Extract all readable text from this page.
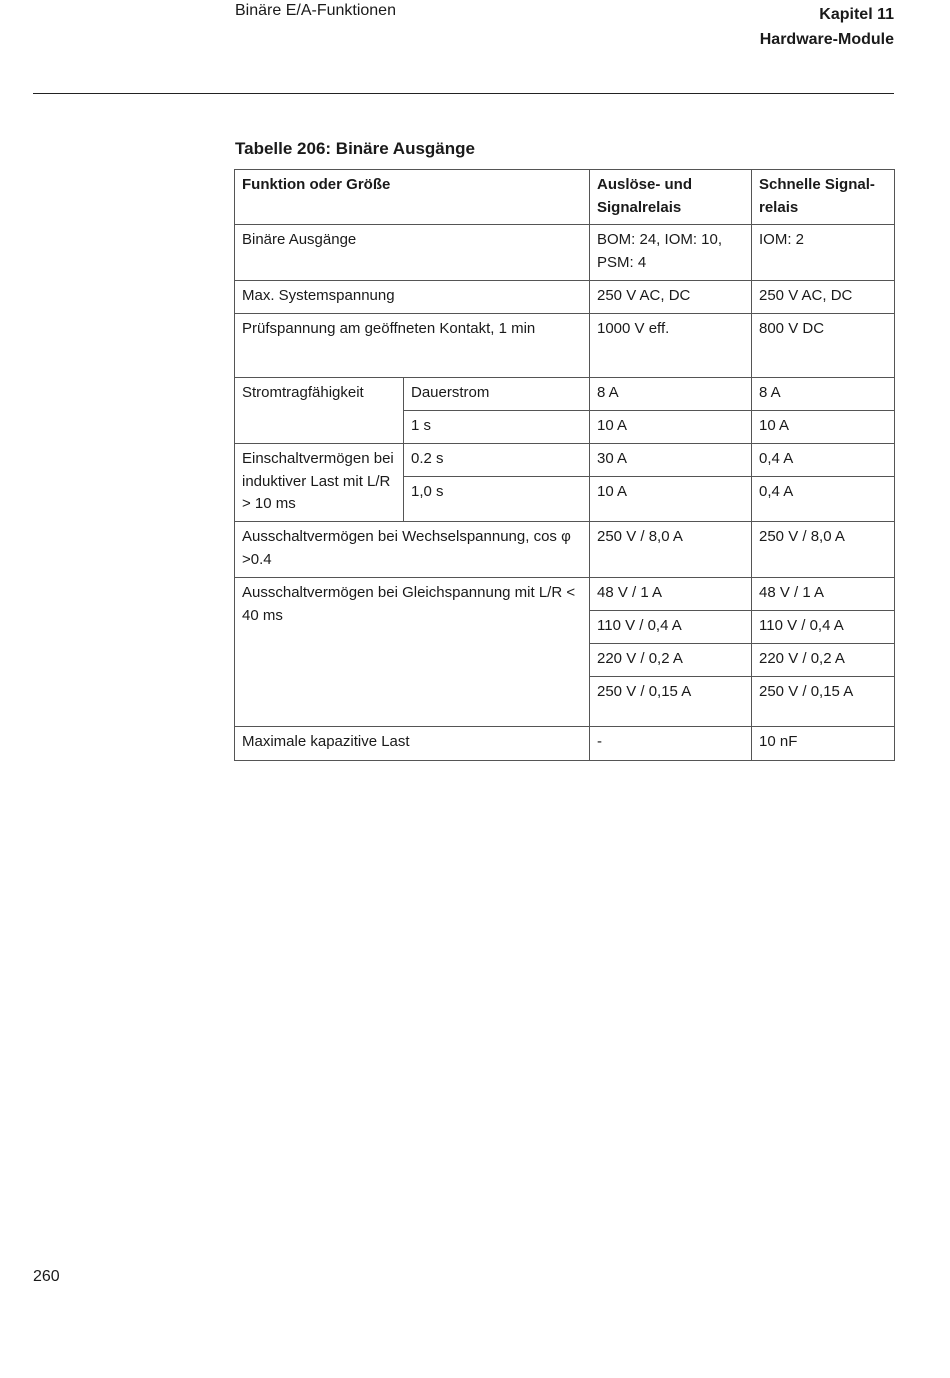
Binäre E/A-Funktionen	Kapitel 11
Hardware-Module
Tabelle 206: Binäre Ausgänge
Funktion oder Größe		Auslöse- und Signalrelais	Schnelle Signal-relais
Binäre Ausgänge		BOM: 24, IOM: 10, PSM: 4	IOM: 2
Max. Systemspannung		250 V AC, DC	250 V AC, DC
Prüfspannung am geöffneten Kontakt, 1 min		1000 V eff.	800 V DC
Stromtragfähigkeit	Dauerstrom	8 A	8 A
	1 s	10 A	10 A
Einschaltvermögen bei induktiver Last mit L/R > 10 ms	0.2 s	30 A	0,4 A
	1,0 s	10 A	0,4 A
Ausschaltvermögen bei Wechselspannung, cos φ >0.4		250 V / 8,0 A	250 V / 8,0 A
Ausschaltvermögen bei Gleichspannung mit L/R < 40 ms		48 V / 1 A	48 V / 1 A
		110 V / 0,4 A	110 V / 0,4 A
		220 V / 0,2 A	220 V / 0,2 A
		250 V / 0,15 A	250 V / 0,15 A
Maximale kapazitive Last		-	10 nF
260
